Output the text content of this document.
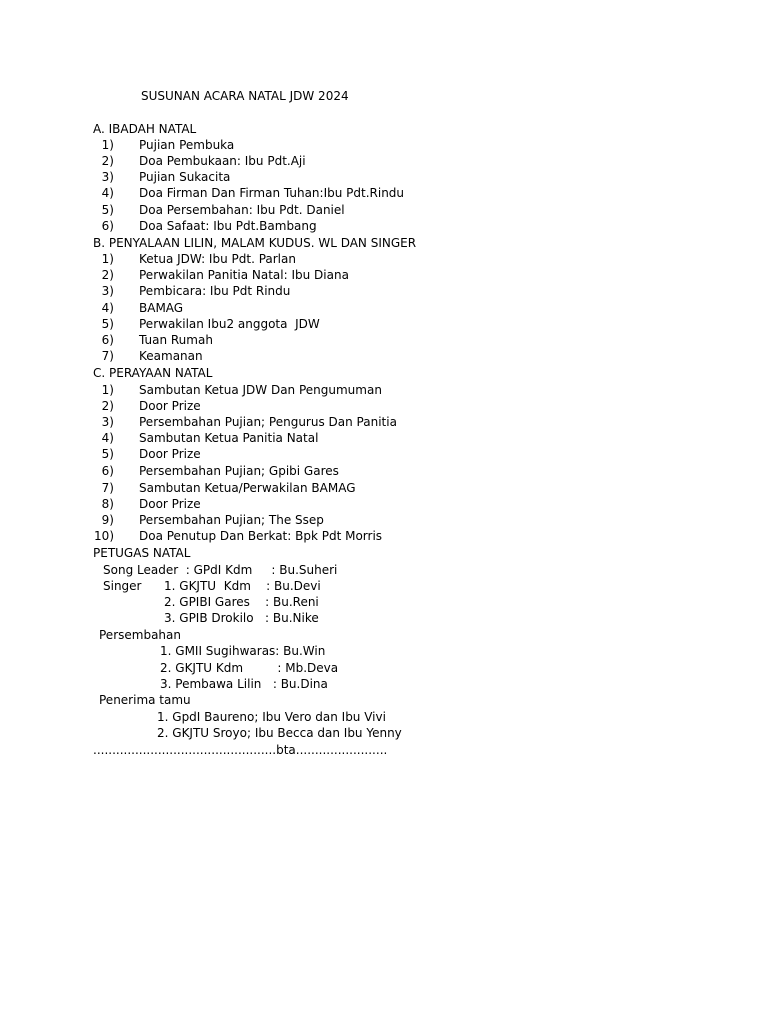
SUSUNAN ACARA NATAL JDW 2024
A. IBADAH NATAL
1) Pujian Pembuka
2) Doa Pembukaan: Ibu Pdt.Aji
3) Pujian Sukacita
4) Doa Firman Dan Firman Tuhan:Ibu Pdt.Rindu
5) Doa Persembahan: Ibu Pdt. Daniel
6) Doa Safaat: Ibu Pdt.Bambang
B. PENYALAAN LILIN, MALAM KUDUS. WL DAN SINGER
1) Ketua JDW: Ibu Pdt. Parlan
2) Perwakilan Panitia Natal: Ibu Diana
3) Pembicara: Ibu Pdt Rindu
4) BAMAG
5) Perwakilan Ibu2 anggota  JDW
6) Tuan Rumah
7) Keamanan
C. PERAYAAN NATAL
1) Sambutan Ketua JDW Dan Pengumuman
2) Door Prize
3) Persembahan Pujian; Pengurus Dan Panitia
4) Sambutan Ketua Panitia Natal
5) Door Prize
6) Persembahan Pujian; Gpibi Gares
7) Sambutan Ketua/Perwakilan BAMAG
8) Door Prize
9) Persembahan Pujian; The Ssep
10) Doa Penutup Dan Berkat: Bpk Pdt Morris
PETUGAS NATAL
Song Leader  : GPdI Kdm     : Bu.Suheri
Singer 1. GKJTU  Kdm    : Bu.Devi
2. GPIBI Gares    : Bu.Reni
3. GPIB Drokilo   : Bu.Nike
Persembahan
1. GMII Sugihwaras: Bu.Win
2. GKJTU Kdm         : Mb.Deva
3. Pembawa Lilin   : Bu.Dina
Penerima tamu
1. GpdI Baureno; Ibu Vero dan Ibu Vivi
2. GKJTU Sroyo; Ibu Becca dan Ibu Yenny
................................................bta........................
